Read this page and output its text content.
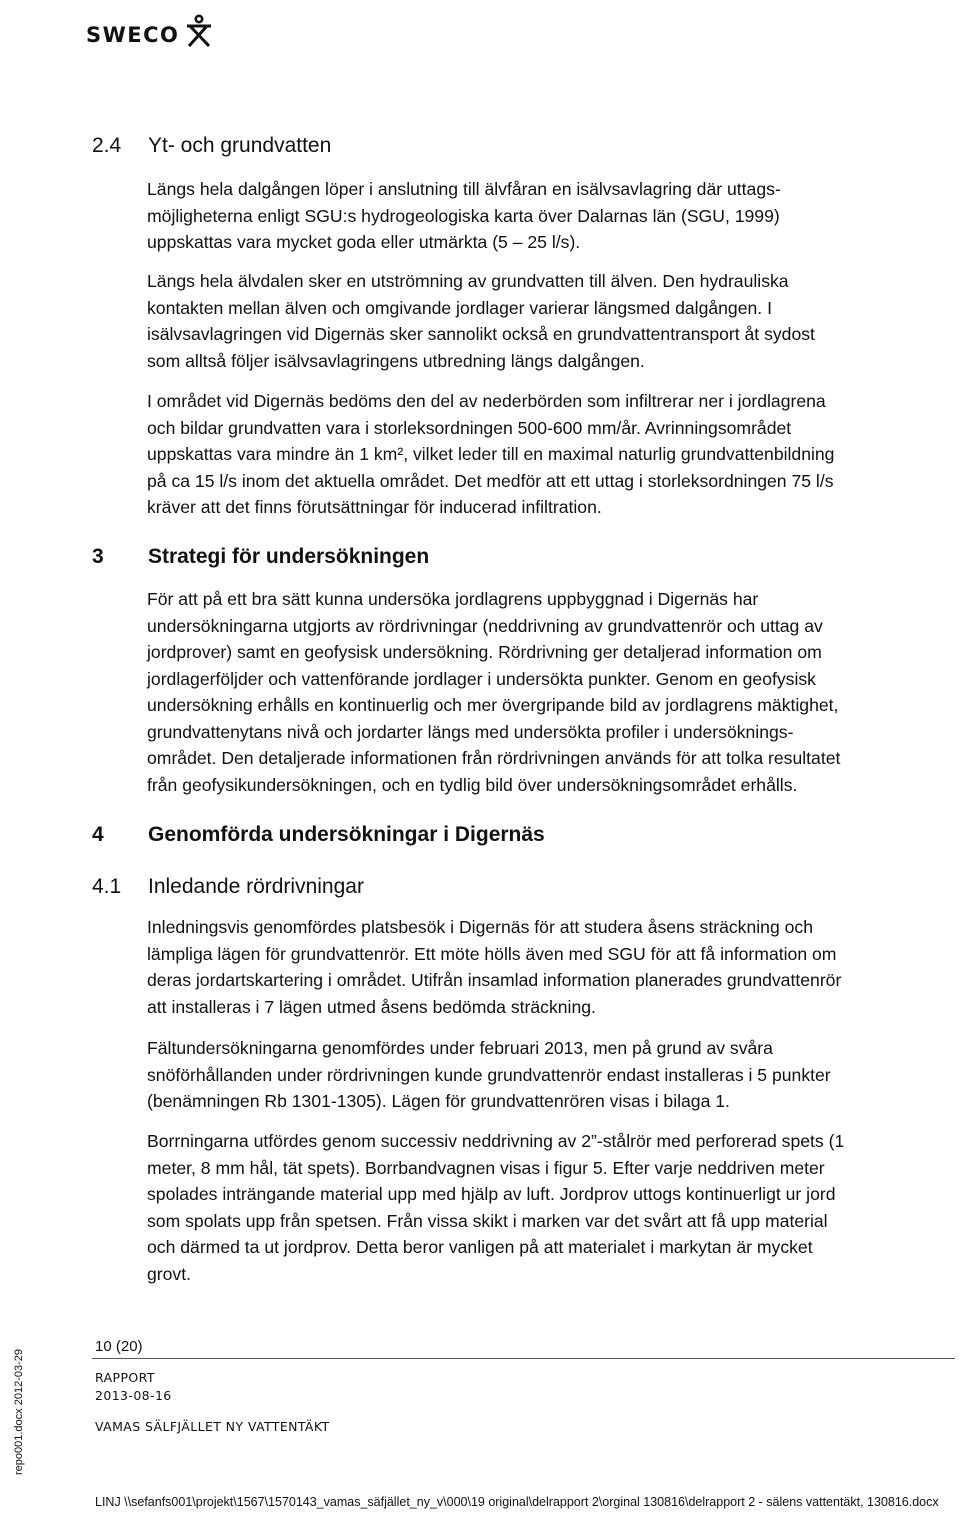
SWECO
2.4 Yt- och grundvatten
Längs hela dalgången löper i anslutning till älvfåran en isälvsavlagring där uttags-
möjligheterna enligt SGU:s hydrogeologiska karta över Dalarnas län (SGU, 1999)
uppskattas vara mycket goda eller utmärkta (5 – 25 l/s).
Längs hela älvdalen sker en utströmning av grundvatten till älven. Den hydrauliska
kontakten mellan älven och omgivande jordlager varierar längsmed dalgången. I
isälvsavlagringen vid Digernäs sker sannolikt också en grundvattentransport åt sydost
som alltså följer isälvsavlagringens utbredning längs dalgången.
I området vid Digernäs bedöms den del av nederbörden som infiltrerar ner i jordlagrena
och bildar grundvatten vara i storleksordningen 500-600 mm/år. Avrinningsområdet
uppskattas vara mindre än 1 km², vilket leder till en maximal naturlig grundvattenbildning
på ca 15 l/s inom det aktuella området. Det medför att ett uttag i storleksordningen 75 l/s
kräver att det finns förutsättningar för inducerad infiltration.
3 Strategi för undersökningen
För att på ett bra sätt kunna undersöka jordlagrens uppbyggnad i Digernäs har
undersökningarna utgjorts av rördrivningar (neddrivning av grundvattenrör och uttag av
jordprover) samt en geofysisk undersökning. Rördrivning ger detaljerad information om
jordlagerföljder och vattenförande jordlager i undersökta punkter. Genom en geofysisk
undersökning erhålls en kontinuerlig och mer övergripande bild av jordlagrens mäktighet,
grundvattenytans nivå och jordarter längs med undersökta profiler i undersöknings-
området. Den detaljerade informationen från rördrivningen används för att tolka resultatet
från geofysikundersökningen, och en tydlig bild över undersökningsområdet erhålls.
4 Genomförda undersökningar i Digernäs
4.1 Inledande rördrivningar
Inledningsvis genomfördes platsbesök i Digernäs för att studera åsens sträckning och
lämpliga lägen för grundvattenrör. Ett möte hölls även med SGU för att få information om
deras jordartskartering i området. Utifrån insamlad information planerades grundvattenrör
att installeras i 7 lägen utmed åsens bedömda sträckning.
Fältundersökningarna genomfördes under februari 2013, men på grund av svåra
snöförhållanden under rördrivningen kunde grundvattenrör endast installeras i 5 punkter
(benämningen Rb 1301-1305). Lägen för grundvattenrören visas i bilaga 1.
Borrningarna utfördes genom successiv neddrivning av 2”-stålrör med perforerad spets (1
meter, 8 mm hål, tät spets). Borrbandvagnen visas i figur 5. Efter varje neddriven meter
spolades inträngande material upp med hjälp av luft. Jordprov uttogs kontinuerligt ur jord
som spolats upp från spetsen. Från vissa skikt i marken var det svårt att få upp material
och därmed ta ut jordprov. Detta beror vanligen på att materialet i markytan är mycket
grovt.
10 (20)
RAPPORT
2013-08-16
VAMAS SÄLFJÄLLET NY VATTENTÄKT
repo001.docx 2012-03-29
LINJ \\sefanfs001\projekt\1567\1570143_vamas_säfjället_ny_v\000\19 original\delrapport 2\orginal 130816\delrapport 2 - sälens vattentäkt, 130816.docx
